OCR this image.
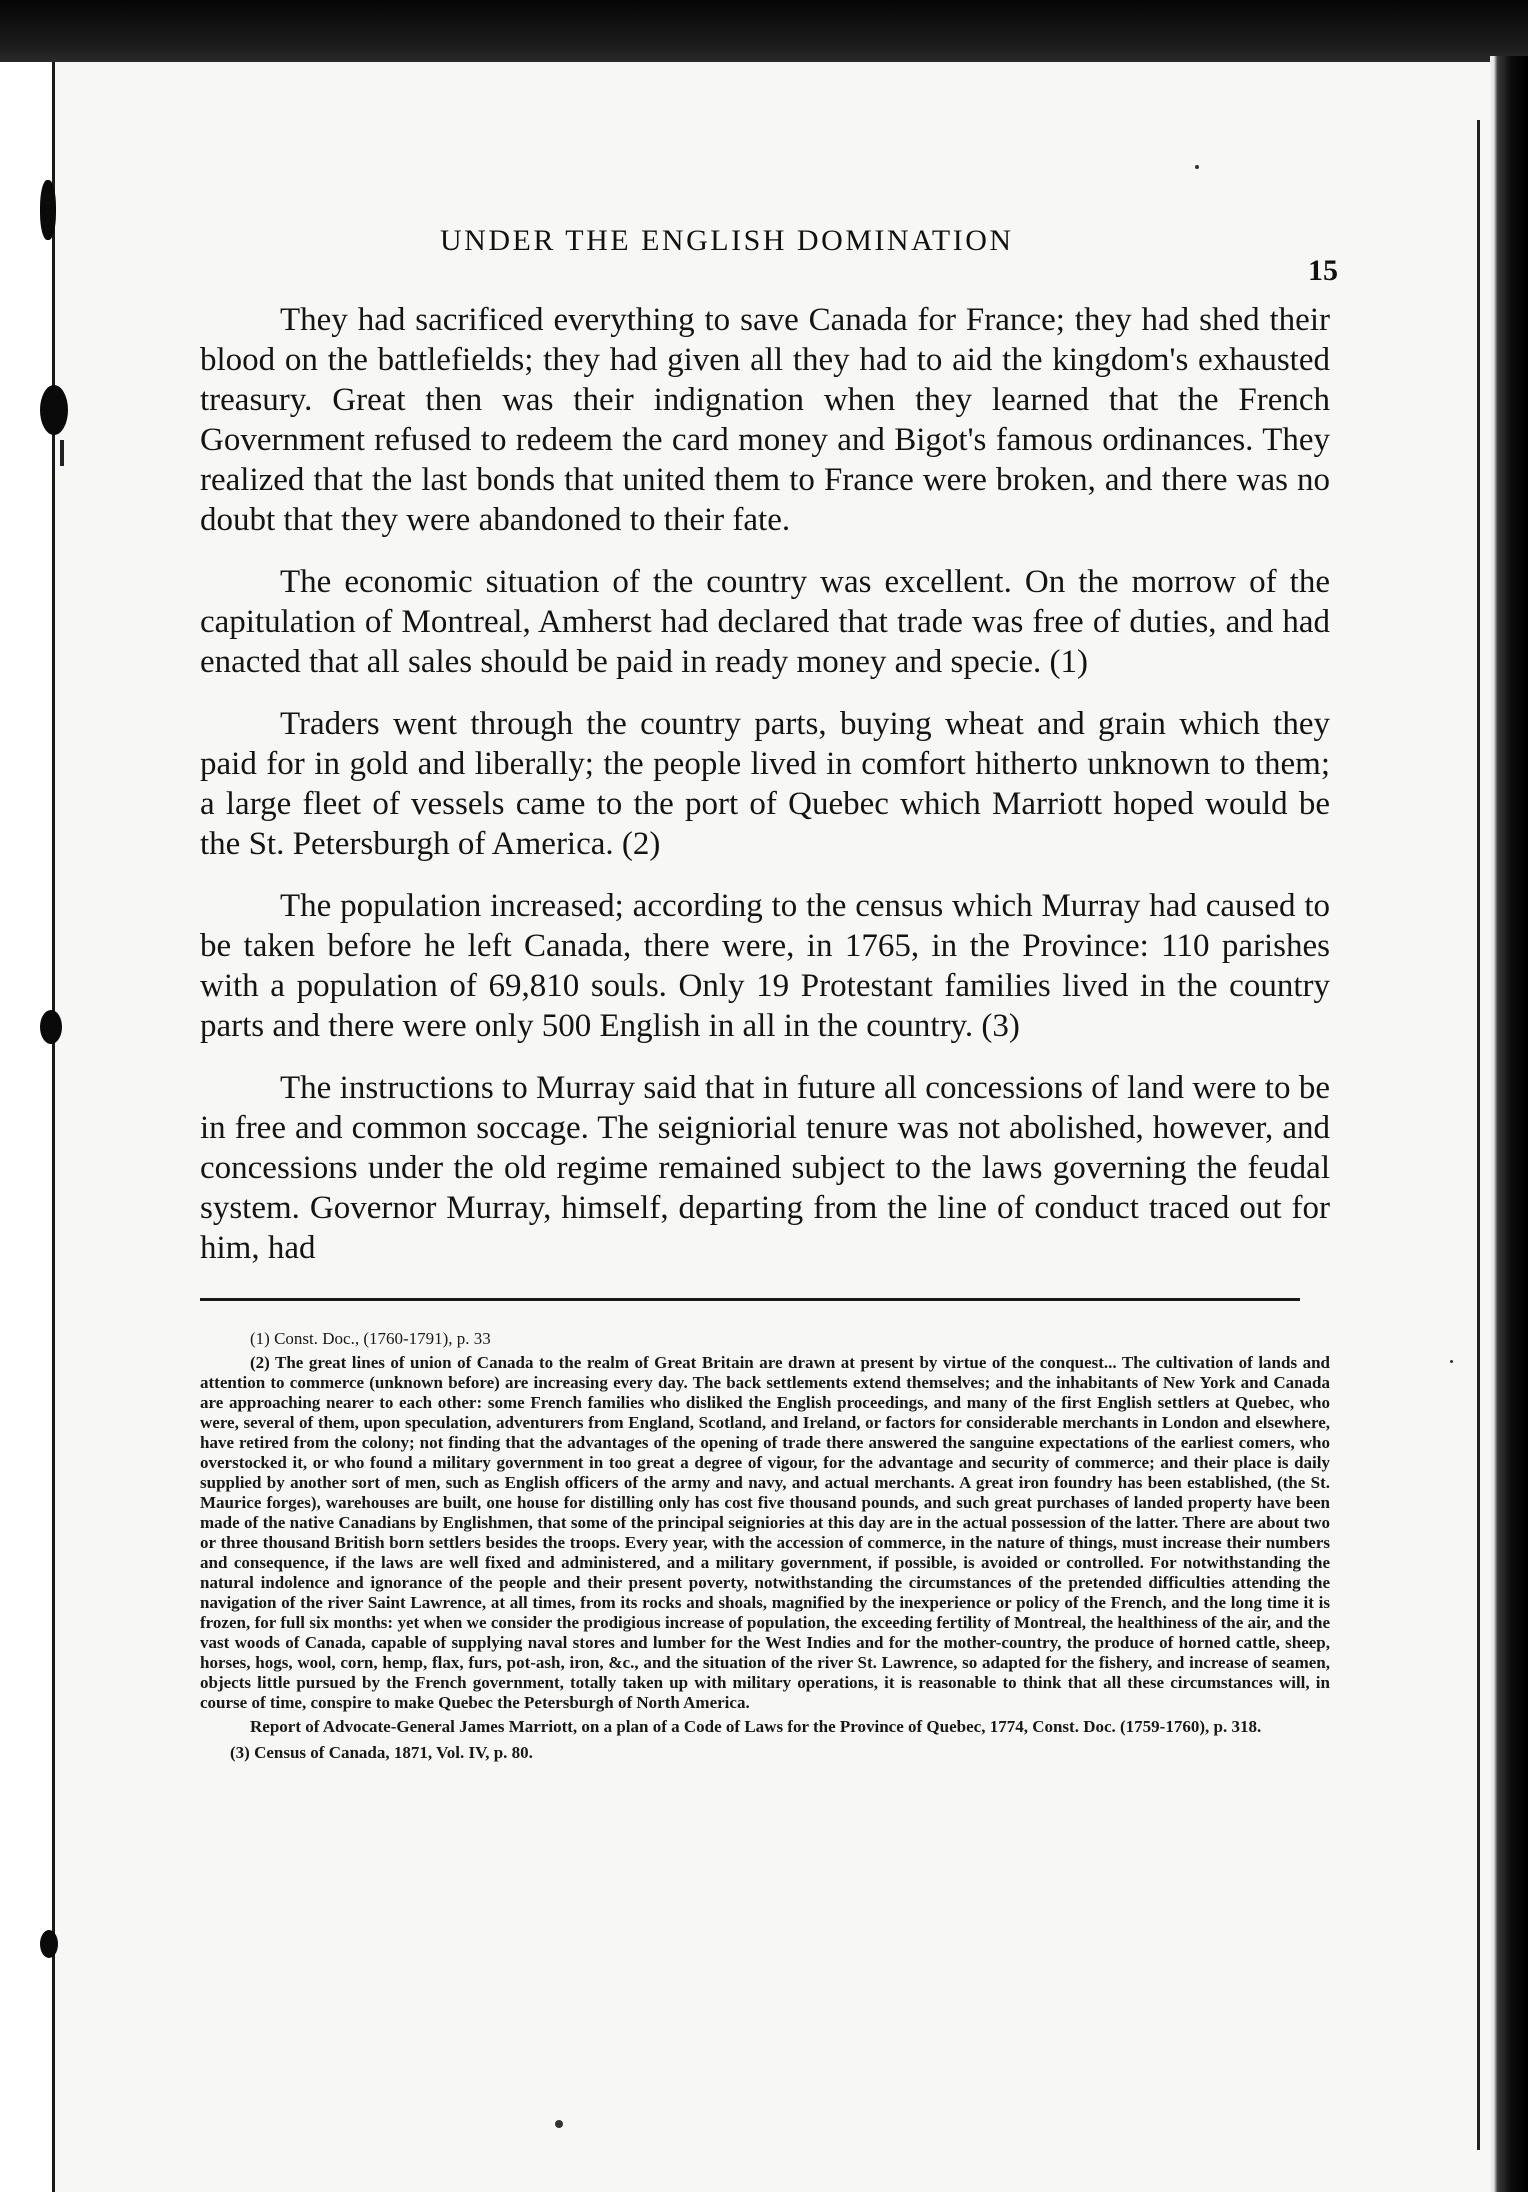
UNDER THE ENGLISH DOMINATION
15

They had sacrificed everything to save Canada for France; they had shed their blood on the battlefields; they had given all they had to aid the kingdom's exhausted treasury. Great then was their indignation when they learned that the French Government refused to redeem the card money and Bigot's famous ordinances. They realized that the last bonds that united them to France were broken, and there was no doubt that they were abandoned to their fate.

The economic situation of the country was excellent. On the morrow of the capitulation of Montreal, Amherst had declared that trade was free of duties, and had enacted that all sales should be paid in ready money and specie. (1)

Traders went through the country parts, buying wheat and grain which they paid for in gold and liberally; the people lived in comfort hitherto unknown to them; a large fleet of vessels came to the port of Quebec which Marriott hoped would be the St. Petersburgh of America. (2)

The population increased; according to the census which Murray had caused to be taken before he left Canada, there were, in 1765, in the Province: 110 parishes with a population of 69,810 souls. Only 19 Protestant families lived in the country parts and there were only 500 English in all in the country. (3)

The instructions to Murray said that in future all concessions of land were to be in free and common soccage. The seigniorial tenure was not abolished, however, and concessions under the old regime remained subject to the laws governing the feudal system. Governor Murray, himself, departing from the line of conduct traced out for him, had

(1) Const. Doc., (1760-1791), p. 33

(2) The great lines of union of Canada to the realm of Great Britain are drawn at present by virtue of the conquest... The cultivation of lands and attention to commerce (unknown before) are increasing every day. The back settlements extend themselves; and the inhabitants of New York and Canada are approaching nearer to each other: some French families who disliked the English proceedings, and many of the first English settlers at Quebec, who were, several of them, upon speculation, adventurers from England, Scotland, and Ireland, or factors for considerable merchants in London and elsewhere, have retired from the colony; not finding that the advantages of the opening of trade there answered the sanguine expectations of the earliest comers, who overstocked it, or who found a military government in too great a degree of vigour, for the advantage and security of commerce; and their place is daily supplied by another sort of men, such as English officers of the army and navy, and actual merchants. A great iron foundry has been established, (the St. Maurice forges), warehouses are built, one house for distilling only has cost five thousand pounds, and such great purchases of landed property have been made of the native Canadians by Englishmen, that some of the principal seigniories at this day are in the actual possession of the latter. There are about two or three thousand British born settlers besides the troops. Every year, with the accession of commerce, in the nature of things, must increase their numbers and consequence, if the laws are well fixed and administered, and a military government, if possible, is avoided or controlled. For notwithstanding the natural indolence and ignorance of the people and their present poverty, notwithstanding the circumstances of the pretended difficulties attending the navigation of the river Saint Lawrence, at all times, from its rocks and shoals, magnified by the inexperience or policy of the French, and the long time it is frozen, for full six months: yet when we consider the prodigious increase of population, the exceeding fertility of Montreal, the healthiness of the air, and the vast woods of Canada, capable of supplying naval stores and lumber for the West Indies and for the mother-country, the produce of horned cattle, sheep, horses, hogs, wool, corn, hemp, flax, furs, pot-ash, iron, &c., and the situation of the river St. Lawrence, so adapted for the fishery, and increase of seamen, objects little pursued by the French government, totally taken up with military operations, it is reasonable to think that all these circumstances will, in course of time, conspire to make Quebec the Petersburgh of North America.

Report of Advocate-General James Marriott, on a plan of a Code of Laws for the Province of Quebec, 1774, Const. Doc. (1759-1760), p. 318.

(3) Census of Canada, 1871, Vol. IV, p. 80.
